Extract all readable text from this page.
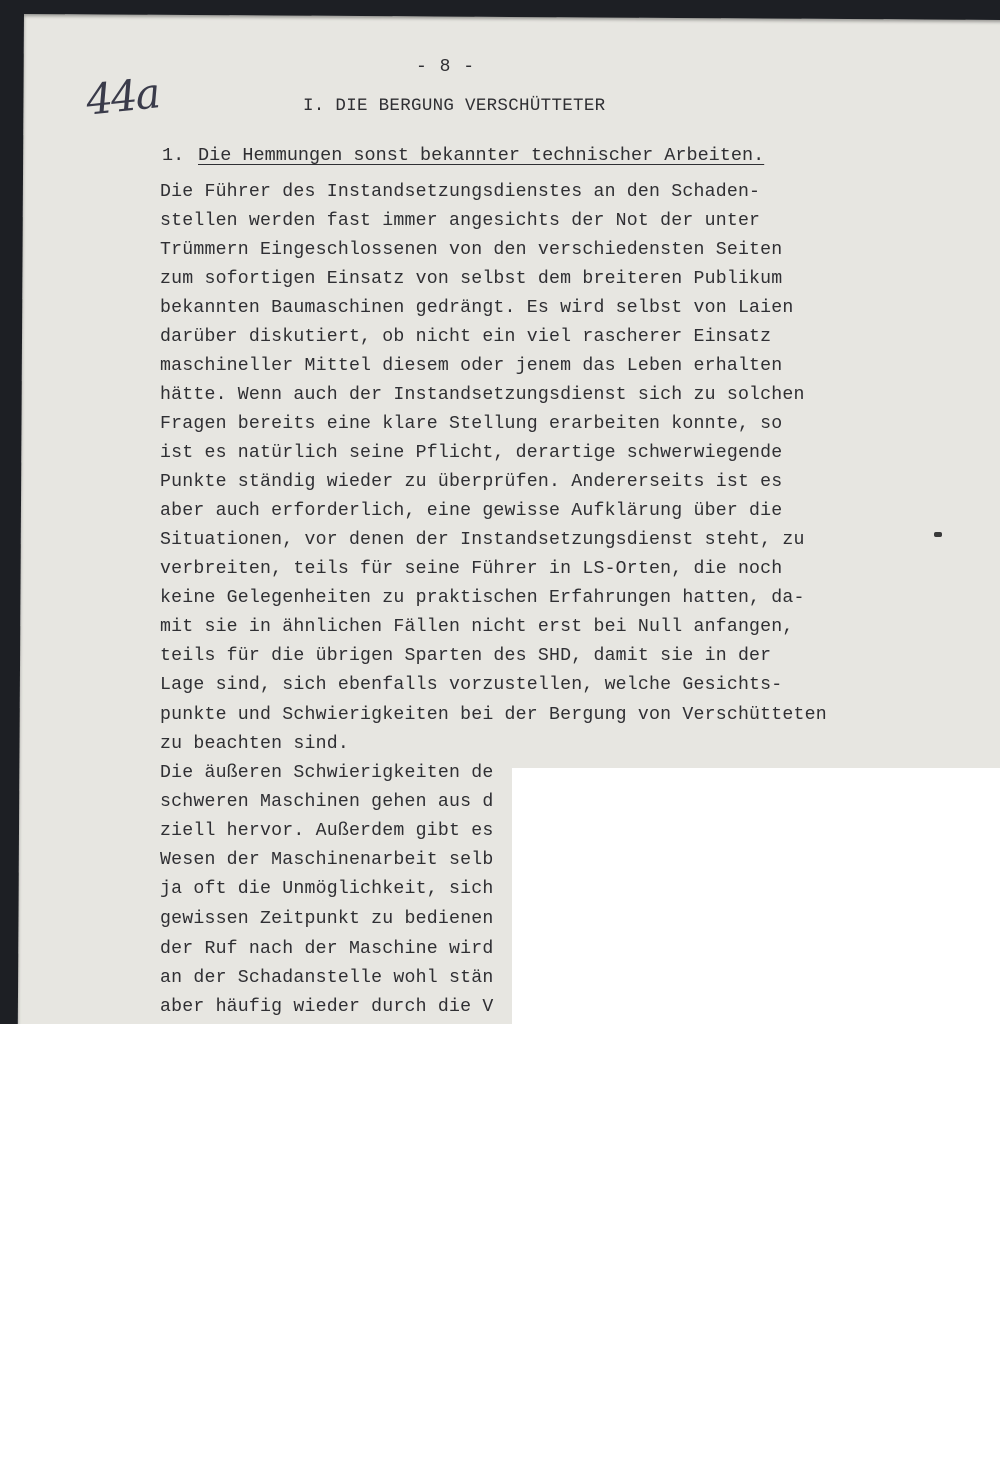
- 8 -
44a	I. DIE BERGUNG VERSCHÜTTETER
1. Die Hemmungen sonst bekannter technischer Arbeiten.
Die Führer des Instandsetzungsdienstes an den Schaden-
stellen werden fast immer angesichts der Not der unter
Trümmern Eingeschlossenen von den verschiedensten Seiten
zum sofortigen Einsatz von selbst dem breiteren Publikum
bekannten Baumaschinen gedrängt. Es wird selbst von Laien
darüber diskutiert, ob nicht ein viel rascherer Einsatz
maschineller Mittel diesem oder jenem das Leben erhalten
hätte. Wenn auch der Instandsetzungsdienst sich zu solchen
Fragen bereits eine klare Stellung erarbeiten konnte, so
ist es natürlich seine Pflicht, derartige schwerwiegende
Punkte ständig wieder zu überprüfen. Andererseits ist es
aber auch erforderlich, eine gewisse Aufklärung über die
Situationen, vor denen der Instandsetzungsdienst steht, zu
verbreiten, teils für seine Führer in LS-Orten, die noch
keine Gelegenheiten zu praktischen Erfahrungen hatten, da-
mit sie in ähnlichen Fällen nicht erst bei Null anfangen,
teils für die übrigen Sparten des SHD, damit sie in der
Lage sind, sich ebenfalls vorzustellen, welche Gesichts-
punkte und Schwierigkeiten bei der Bergung von Verschütteten
zu beachten sind.
Die äußeren Schwierigkeiten de
schweren Maschinen gehen aus d
ziell hervor. Außerdem gibt es
Wesen der Maschinenarbeit selb
ja oft die Unmöglichkeit, sich
gewissen Zeitpunkt zu bedienen
der Ruf nach der Maschine wird
an der Schadanstelle wohl stän
aber häufig wieder durch die V
